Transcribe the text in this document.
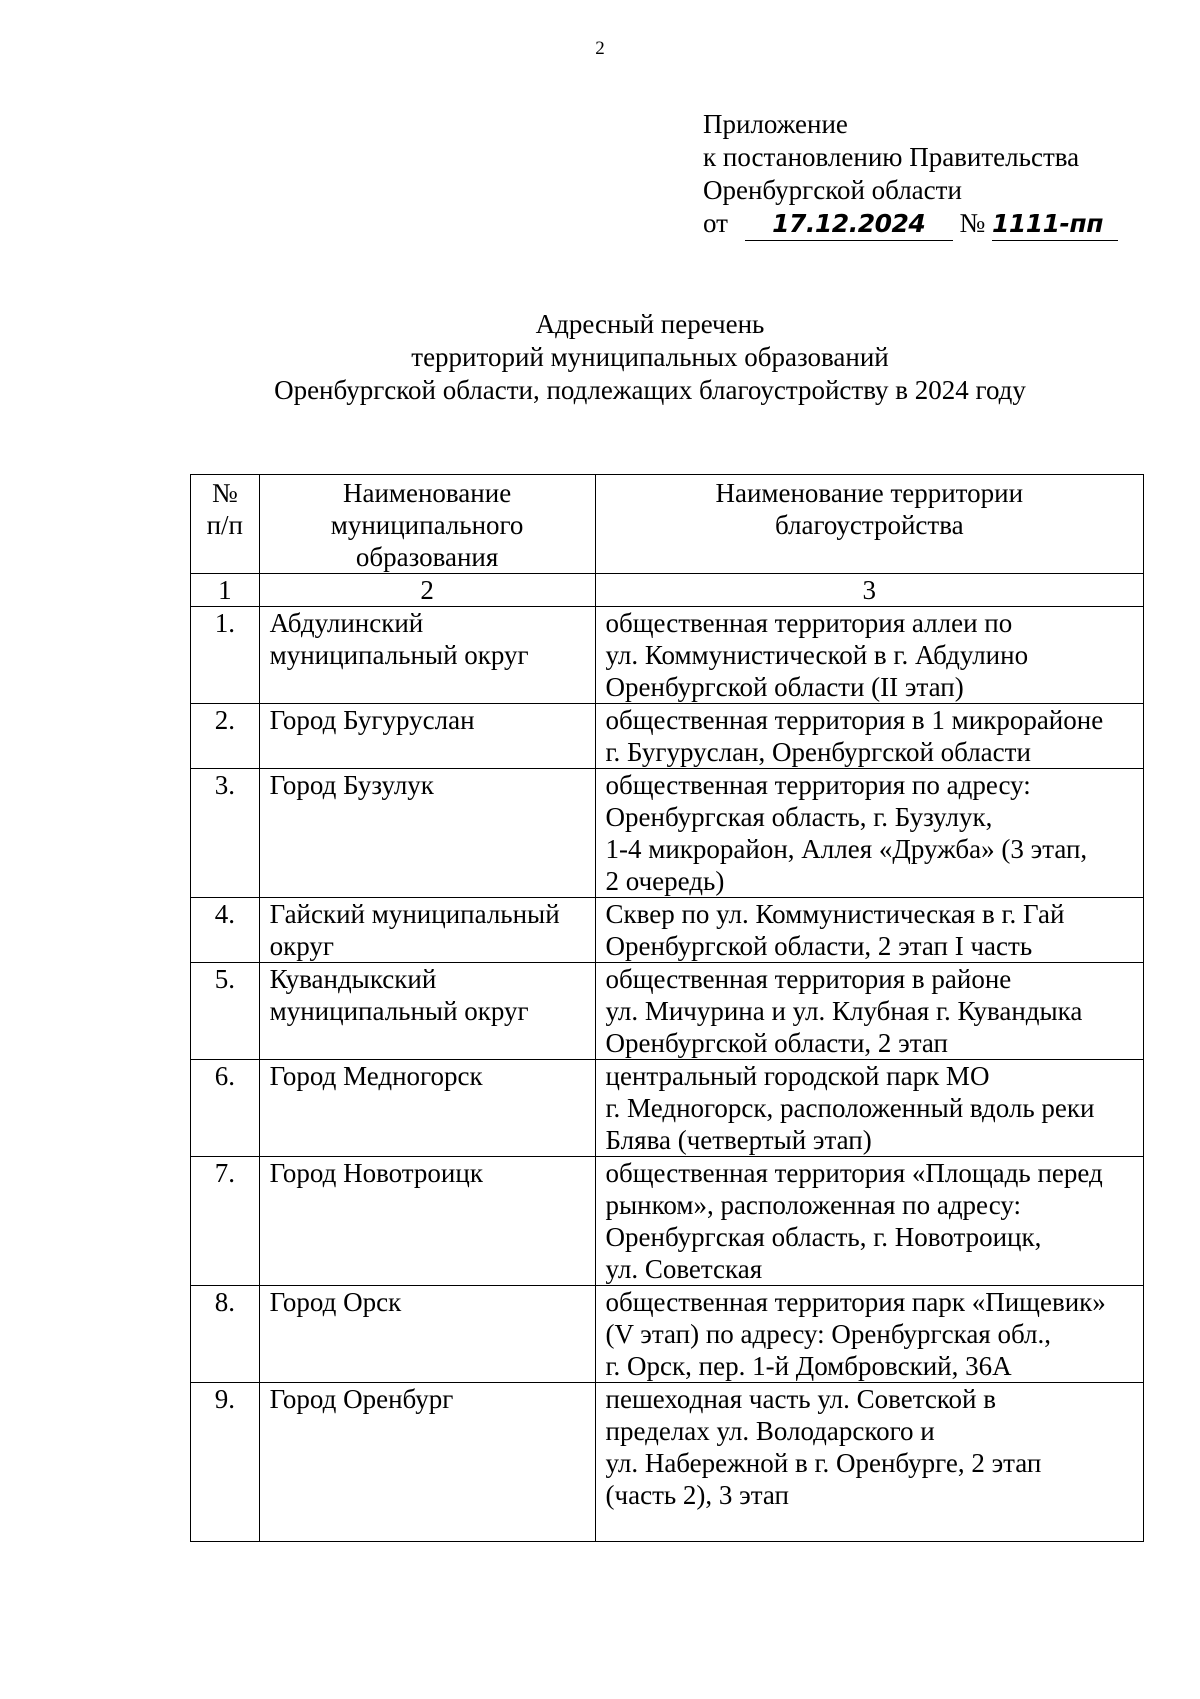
2
Приложение
к постановлению Правительства
Оренбургской области
от 17.12.2024 № 1111-пп
Адресный перечень
территорий муниципальных образований
Оренбургской области, подлежащих благоустройству в 2024 году
№
п/п	Наименование
муниципального
образования	Наименование территории
благоустройства
1	2	3
1.	Абдулинский
муниципальный округ	общественная территория аллеи по
ул. Коммунистической в г. Абдулино
Оренбургской области (II этап)
2.	Город Бугуруслан	общественная территория в 1 микрорайоне
г. Бугуруслан, Оренбургской области
3.	Город Бузулук	общественная территория по адресу:
Оренбургская область, г. Бузулук,
1-4 микрорайон, Аллея «Дружба» (3 этап,
2 очередь)
4.	Гайский муниципальный
округ	Сквер по ул. Коммунистическая в г. Гай
Оренбургской области, 2 этап I часть
5.	Кувандыкский
муниципальный округ	общественная территория в районе
ул. Мичурина и ул. Клубная г. Кувандыка
Оренбургской области, 2 этап
6.	Город Медногорск	центральный городской парк МО
г. Медногорск, расположенный вдоль реки
Блява (четвертый этап)
7.	Город Новотроицк	общественная территория «Площадь перед
рынком», расположенная по адресу:
Оренбургская область, г. Новотроицк,
ул. Советская
8.	Город Орск	общественная территория парк «Пищевик»
(V этап) по адресу: Оренбургская обл.,
г. Орск, пер. 1-й Домбровский, 36А
9.	Город Оренбург	пешеходная часть ул. Советской в
пределах ул. Володарского и
ул. Набережной в г. Оренбурге, 2 этап
(часть 2), 3 этап
